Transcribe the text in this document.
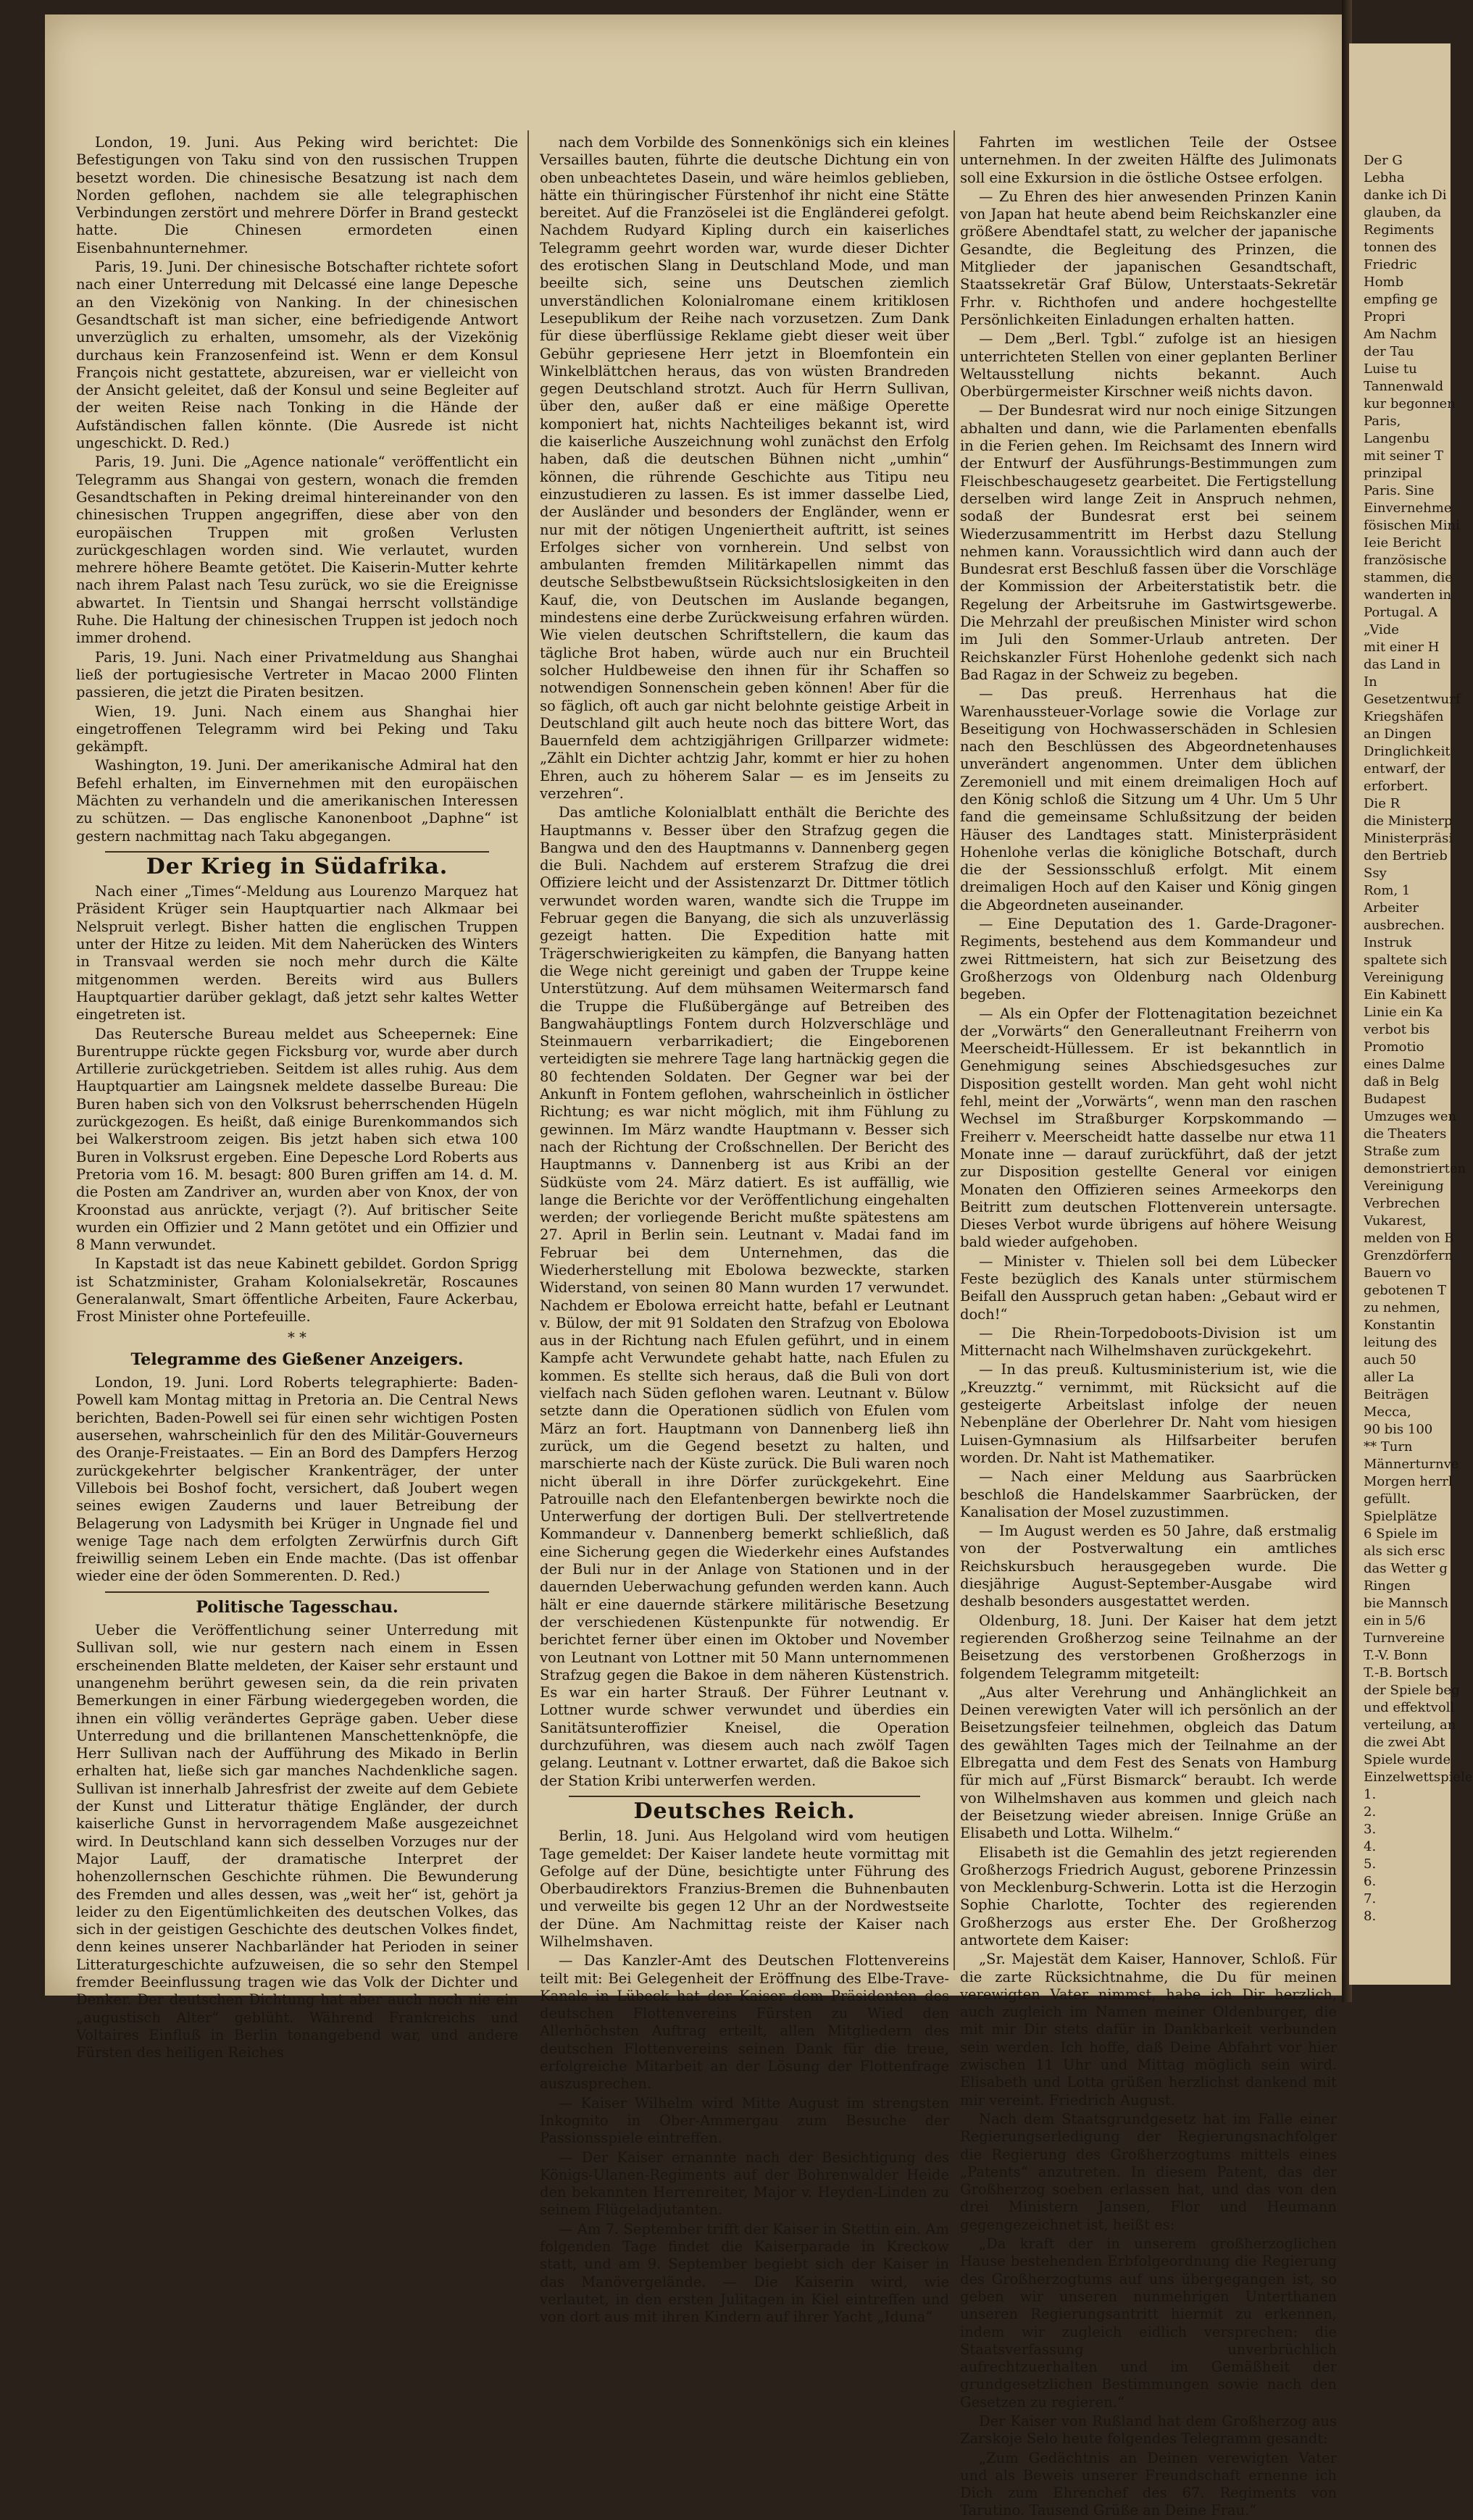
Der G

Lebha

danke ich Di

glauben, da

Regiments

tonnen des

Friedric

Homb

empfing ge

Propri

Am Nachm

der Tau

Luise tu

Tannenwald

kur begonnen

Paris,

Langenbu

mit seiner T

prinzipal

Paris. Sine

Einvernehme

fösischen Mini

Ieie Bericht

französische

stammen, die

wanderten in

Portugal. A

„Vide

mit einer H

das Land in

In

Gesetzentwurf

Kriegshäfen

an Dingen

Dringlichkeit

entwarf, der

erforbert.

Die R

die Ministerp

Ministerpräsi

den Bertrieb

Ssy

Rom, 1

Arbeiter

ausbrechen.

Instruk

spaltete sich

Vereinigung

Ein Kabinett

Linie ein Ka

verbot bis

Promotio

eines Dalme

daß in Belg

Budapest

Umzuges wen

die Theaters

Straße zum

demonstrierten

Vereinigung

Verbrechen

Vukarest,

melden von B

Grenzdörfern

Bauern vo

gebotenen T

zu nehmen,

Konstantin

leitung des

auch 50

aller La

Beiträgen

Mecca,

90 bis 100

** Turn

Männerturnve

Morgen herrl

gefüllt.

Spielplätze

6 Spiele im

als sich ersc

das Wetter g

Ringen

bie Mannsch

ein in 5/6

Turnvereine

T.-V. Bonn

T.-B. Bortsch

der Spiele beg

und effektvoll

verteilung, an

die zwei Abt

Spiele wurde

Einzelwettspiele

1.

2.

3.

4.

5.

6.

7.

8.

London, 19. Juni. Aus Peking wird berichtet: Die Befestigungen von Taku sind von den russischen Truppen besetzt worden. Die chinesische Besatzung ist nach dem Norden geflohen, nachdem sie alle telegraphischen Verbindungen zerstört und mehrere Dörfer in Brand gesteckt hatte. Die Chinesen ermordeten einen Eisenbahnunternehmer.

Paris, 19. Juni. Der chinesische Botschafter richtete sofort nach einer Unterredung mit Delcassé eine lange Depesche an den Vizekönig von Nanking. In der chinesischen Gesandtschaft ist man sicher, eine befriedigende Antwort unverzüglich zu erhalten, umsomehr, als der Vizekönig durchaus kein Franzosenfeind ist. Wenn er dem Konsul François nicht gestattete, abzureisen, war er vielleicht von der Ansicht geleitet, daß der Konsul und seine Begleiter auf der weiten Reise nach Tonking in die Hände der Aufständischen fallen könnte. (Die Ausrede ist nicht ungeschickt. D. Red.)

Paris, 19. Juni. Die „Agence nationale“ veröffentlicht ein Telegramm aus Shangai von gestern, wonach die fremden Gesandtschaften in Peking dreimal hintereinander von den chinesischen Truppen angegriffen, diese aber von den europäischen Truppen mit großen Verlusten zurückgeschlagen worden sind. Wie verlautet, wurden mehrere höhere Beamte getötet. Die Kaiserin-Mutter kehrte nach ihrem Palast nach Tesu zurück, wo sie die Ereignisse abwartet. In Tientsin und Shangai herrscht vollständige Ruhe. Die Haltung der chinesischen Truppen ist jedoch noch immer drohend.

Paris, 19. Juni. Nach einer Privatmeldung aus Shanghai ließ der portugiesische Vertreter in Macao 2000 Flinten passieren, die jetzt die Piraten besitzen.

Wien, 19. Juni. Nach einem aus Shanghai hier eingetroffenen Telegramm wird bei Peking und Taku gekämpft.

Washington, 19. Juni. Der amerikanische Admiral hat den Befehl erhalten, im Einvernehmen mit den europäischen Mächten zu verhandeln und die amerikanischen Interessen zu schützen. — Das englische Kanonenboot „Daphne“ ist gestern nachmittag nach Taku abgegangen.

Der Krieg in Südafrika.

Nach einer „Times“-Meldung aus Lourenzo Marquez hat Präsident Krüger sein Hauptquartier nach Alkmaar bei Nelspruit verlegt. Bisher hatten die englischen Truppen unter der Hitze zu leiden. Mit dem Naherücken des Winters in Transvaal werden sie noch mehr durch die Kälte mitgenommen werden. Bereits wird aus Bullers Hauptquartier darüber geklagt, daß jetzt sehr kaltes Wetter eingetreten ist.

Das Reutersche Bureau meldet aus Scheepernek: Eine Burentruppe rückte gegen Ficksburg vor, wurde aber durch Artillerie zurückgetrieben. Seitdem ist alles ruhig. Aus dem Hauptquartier am Laingsnek meldete dasselbe Bureau: Die Buren haben sich von den Volksrust beherrschenden Hügeln zurückgezogen. Es heißt, daß einige Burenkommandos sich bei Walkerstroom zeigen. Bis jetzt haben sich etwa 100 Buren in Volksrust ergeben. Eine Depesche Lord Roberts aus Pretoria vom 16. M. besagt: 800 Buren griffen am 14. d. M. die Posten am Zandriver an, wurden aber von Knox, der von Kroonstad aus anrückte, verjagt (?). Auf britischer Seite wurden ein Offizier und 2 Mann getötet und ein Offizier und 8 Mann verwundet.

In Kapstadt ist das neue Kabinett gebildet. Gordon Sprigg ist Schatzminister, Graham Kolonialsekretär, Roscaunes Generalanwalt, Smart öffentliche Arbeiten, Faure Ackerbau, Frost Minister ohne Portefeuille.

* *
Telegramme des Gießener Anzeigers.

London, 19. Juni. Lord Roberts telegraphierte: Baden-Powell kam Montag mittag in Pretoria an. Die Central News berichten, Baden-Powell sei für einen sehr wichtigen Posten ausersehen, wahrscheinlich für den des Militär-Gouverneurs des Oranje-Freistaates. — Ein an Bord des Dampfers Herzog zurückgekehrter belgischer Krankenträger, der unter Villebois bei Boshof focht, versichert, daß Joubert wegen seines ewigen Zauderns und lauer Betreibung der Belagerung von Ladysmith bei Krüger in Ungnade fiel und wenige Tage nach dem erfolgten Zerwürfnis durch Gift freiwillig seinem Leben ein Ende machte. (Das ist offenbar wieder eine der öden Sommerenten. D. Red.)

Politische Tagesschau.

Ueber die Veröffentlichung seiner Unterredung mit Sullivan soll, wie nur gestern nach einem in Essen erscheinenden Blatte meldeten, der Kaiser sehr erstaunt und unangenehm berührt gewesen sein, da die rein privaten Bemerkungen in einer Färbung wiedergegeben worden, die ihnen ein völlig verändertes Gepräge gaben. Ueber diese Unterredung und die brillantenen Manschettenknöpfe, die Herr Sullivan nach der Aufführung des Mikado in Berlin erhalten hat, ließe sich gar manches Nachdenkliche sagen. Sullivan ist innerhalb Jahresfrist der zweite auf dem Gebiete der Kunst und Litteratur thätige Engländer, der durch kaiserliche Gunst in hervorragendem Maße ausgezeichnet wird. In Deutschland kann sich desselben Vorzuges nur der Major Lauff, der dramatische Interpret der hohenzollernschen Geschichte rühmen. Die Bewunderung des Fremden und alles dessen, was „weit her“ ist, gehört ja leider zu den Eigentümlichkeiten des deutschen Volkes, das sich in der geistigen Geschichte des deutschen Volkes findet, denn keines unserer Nachbarländer hat Perioden in seiner Litteraturgeschichte aufzuweisen, die so sehr den Stempel fremder Beeinflussung tragen wie das Volk der Dichter und Denker. Der deutschen Dichtung hat aber auch noch nie ein „augustisch Alter“ geblüht. Während Frankreichs und Voltaires Einfluß in Berlin tonangebend war, und andere Fürsten des heiligen Reiches

nach dem Vorbilde des Sonnenkönigs sich ein kleines Versailles bauten, führte die deutsche Dichtung ein von oben unbeachtetes Dasein, und wäre heimlos geblieben, hätte ein thüringischer Fürstenhof ihr nicht eine Stätte bereitet. Auf die Französelei ist die Engländerei gefolgt. Nachdem Rudyard Kipling durch ein kaiserliches Telegramm geehrt worden war, wurde dieser Dichter des erotischen Slang in Deutschland Mode, und man beeilte sich, seine uns Deutschen ziemlich unverständlichen Kolonialromane einem kritiklosen Lesepublikum der Reihe nach vorzusetzen. Zum Dank für diese überflüssige Reklame giebt dieser weit über Gebühr gepriesene Herr jetzt in Bloemfontein ein Winkelblättchen heraus, das von wüsten Brandreden gegen Deutschland strotzt. Auch für Herrn Sullivan, über den, außer daß er eine mäßige Operette komponiert hat, nichts Nachteiliges bekannt ist, wird die kaiserliche Auszeichnung wohl zunächst den Erfolg haben, daß die deutschen Bühnen nicht „umhin“ können, die rührende Geschichte aus Titipu neu einzustudieren zu lassen. Es ist immer dasselbe Lied, der Ausländer und besonders der Engländer, wenn er nur mit der nötigen Ungeniertheit auftritt, ist seines Erfolges sicher von vornherein. Und selbst von ambulanten fremden Militärkapellen nimmt das deutsche Selbstbewußtsein Rücksichtslosigkeiten in den Kauf, die, von Deutschen im Auslande begangen, mindestens eine derbe Zurückweisung erfahren würden. Wie vielen deutschen Schriftstellern, die kaum das tägliche Brot haben, würde auch nur ein Bruchteil solcher Huldbeweise den ihnen für ihr Schaffen so notwendigen Sonnenschein geben können! Aber für die so fäglich, oft auch gar nicht belohnte geistige Arbeit in Deutschland gilt auch heute noch das bittere Wort, das Bauernfeld dem achtzigjährigen Grillparzer widmete: „Zählt ein Dichter achtzig Jahr, kommt er hier zu hohen Ehren, auch zu höherem Salar — es im Jenseits zu verzehren“.

Das amtliche Kolonialblatt enthält die Berichte des Hauptmanns v. Besser über den Strafzug gegen die Bangwa und den des Hauptmanns v. Dannenberg gegen die Buli. Nachdem auf ersterem Strafzug die drei Offiziere leicht und der Assistenzarzt Dr. Dittmer tötlich verwundet worden waren, wandte sich die Truppe im Februar gegen die Banyang, die sich als unzuverlässig gezeigt hatten. Die Expedition hatte mit Trägerschwierigkeiten zu kämpfen, die Banyang hatten die Wege nicht gereinigt und gaben der Truppe keine Unterstützung. Auf dem mühsamen Weitermarsch fand die Truppe die Flußübergänge auf Betreiben des Bangwahäuptlings Fontem durch Holzverschläge und Steinmauern verbarrikadiert; die Eingeborenen verteidigten sie mehrere Tage lang hartnäckig gegen die 80 fechtenden Soldaten. Der Gegner war bei der Ankunft in Fontem geflohen, wahrscheinlich in östlicher Richtung; es war nicht möglich, mit ihm Fühlung zu gewinnen. Im März wandte Hauptmann v. Besser sich nach der Richtung der Croßschnellen. Der Bericht des Hauptmanns v. Dannenberg ist aus Kribi an der Südküste vom 24. März datiert. Es ist auffällig, wie lange die Berichte vor der Veröffentlichung eingehalten werden; der vorliegende Bericht mußte spätestens am 27. April in Berlin sein. Leutnant v. Madai fand im Februar bei dem Unternehmen, das die Wiederherstellung mit Ebolowa bezweckte, starken Widerstand, von seinen 80 Mann wurden 17 verwundet. Nachdem er Ebolowa erreicht hatte, befahl er Leutnant v. Bülow, der mit 91 Soldaten den Strafzug von Ebolowa aus in der Richtung nach Efulen geführt, und in einem Kampfe acht Verwundete gehabt hatte, nach Efulen zu kommen. Es stellte sich heraus, daß die Buli von dort vielfach nach Süden geflohen waren. Leutnant v. Bülow setzte dann die Operationen südlich von Efulen vom März an fort. Hauptmann von Dannenberg ließ ihn zurück, um die Gegend besetzt zu halten, und marschierte nach der Küste zurück. Die Buli waren noch nicht überall in ihre Dörfer zurückgekehrt. Eine Patrouille nach den Elefantenbergen bewirkte noch die Unterwerfung der dortigen Buli. Der stellvertretende Kommandeur v. Dannenberg bemerkt schließlich, daß eine Sicherung gegen die Wiederkehr eines Aufstandes der Buli nur in der Anlage von Stationen und in der dauernden Ueberwachung gefunden werden kann. Auch hält er eine dauernde stärkere militärische Besetzung der verschiedenen Küstenpunkte für notwendig. Er berichtet ferner über einen im Oktober und November von Leutnant von Lottner mit 50 Mann unternommenen Strafzug gegen die Bakoe in dem näheren Küstenstrich. Es war ein harter Strauß. Der Führer Leutnant v. Lottner wurde schwer verwundet und überdies ein Sanitätsunteroffizier Kneisel, die Operation durchzuführen, was diesem auch nach zwölf Tagen gelang. Leutnant v. Lottner erwartet, daß die Bakoe sich der Station Kribi unterwerfen werden.

Deutsches Reich.

Berlin, 18. Juni. Aus Helgoland wird vom heutigen Tage gemeldet: Der Kaiser landete heute vormittag mit Gefolge auf der Düne, besichtigte unter Führung des Oberbaudirektors Franzius-Bremen die Buhnenbauten und verweilte bis gegen 12 Uhr an der Nordwestseite der Düne. Am Nachmittag reiste der Kaiser nach Wilhelmshaven.

— Das Kanzler-Amt des Deutschen Flottenvereins teilt mit: Bei Gelegenheit der Eröffnung des Elbe-Trave-Kanals in Lübeck hat der Kaiser dem Präsidenten des deutschen Flottenvereins Fürsten zu Wied den Allerhöchsten Auftrag erteilt, allen Mitgliedern des deutschen Flottenvereins seinen Dank für die treue, erfolgreiche Mitarbeit an der Lösung der Flottenfrage auszusprechen.

— Kaiser Wilhelm wird Mitte August im strengsten Inkognito in Ober-Ammergau zum Besuche der Passionsspiele eintreffen.

— Der Kaiser ernannte nach der Besichtigung des Königs-Ulanen-Regiments auf der Bohrenwalder Heide den bekannten Herrenreiter, Major v. Heyden-Linden zu seinem Flügeladjutanten.

— Am 7. September trifft der Kaiser in Stettin ein. Am folgenden Tage findet die Kaiserparade in Kreckow statt, und am 9. September begiebt sich der Kaiser in das Manövergelände. — Die Kaiserin wird, wie verlautet, in den ersten Julitagen in Kiel eintreffen und von dort aus mit ihren Kindern auf ihrer Yacht „Iduna“

Fahrten im westlichen Teile der Ostsee unternehmen. In der zweiten Hälfte des Julimonats soll eine Exkursion in die östliche Ostsee erfolgen.

— Zu Ehren des hier anwesenden Prinzen Kanin von Japan hat heute abend beim Reichskanzler eine größere Abendtafel statt, zu welcher der japanische Gesandte, die Begleitung des Prinzen, die Mitglieder der japanischen Gesandtschaft, Staatssekretär Graf Bülow, Unterstaats-Sekretär Frhr. v. Richthofen und andere hochgestellte Persönlichkeiten Einladungen erhalten hatten.

— Dem „Berl. Tgbl.“ zufolge ist an hiesigen unterrichteten Stellen von einer geplanten Berliner Weltausstellung nichts bekannt. Auch Oberbürgermeister Kirschner weiß nichts davon.

— Der Bundesrat wird nur noch einige Sitzungen abhalten und dann, wie die Parlamenten ebenfalls in die Ferien gehen. Im Reichsamt des Innern wird der Entwurf der Ausführungs-Bestimmungen zum Fleischbeschaugesetz gearbeitet. Die Fertigstellung derselben wird lange Zeit in Anspruch nehmen, sodaß der Bundesrat erst bei seinem Wiederzusammentritt im Herbst dazu Stellung nehmen kann. Voraussichtlich wird dann auch der Bundesrat erst Beschluß fassen über die Vorschläge der Kommission der Arbeiterstatistik betr. die Regelung der Arbeitsruhe im Gastwirtsgewerbe. Die Mehrzahl der preußischen Minister wird schon im Juli den Sommer-Urlaub antreten. Der Reichskanzler Fürst Hohenlohe gedenkt sich nach Bad Ragaz in der Schweiz zu begeben.

— Das preuß. Herrenhaus hat die Warenhaussteuer-Vorlage sowie die Vorlage zur Beseitigung von Hochwasserschäden in Schlesien nach den Beschlüssen des Abgeordnetenhauses unverändert angenommen. Unter dem üblichen Zeremoniell und mit einem dreimaligen Hoch auf den König schloß die Sitzung um 4 Uhr. Um 5 Uhr fand die gemeinsame Schlußsitzung der beiden Häuser des Landtages statt. Ministerpräsident Hohenlohe verlas die königliche Botschaft, durch die der Sessionsschluß erfolgt. Mit einem dreimaligen Hoch auf den Kaiser und König gingen die Abgeordneten auseinander.

— Eine Deputation des 1. Garde-Dragoner-Regiments, bestehend aus dem Kommandeur und zwei Rittmeistern, hat sich zur Beisetzung des Großherzogs von Oldenburg nach Oldenburg begeben.

— Als ein Opfer der Flottenagitation bezeichnet der „Vorwärts“ den Generalleutnant Freiherrn von Meerscheidt-Hüllessem. Er ist bekanntlich in Genehmigung seines Abschiedsgesuches zur Disposition gestellt worden. Man geht wohl nicht fehl, meint der „Vorwärts“, wenn man den raschen Wechsel im Straßburger Korpskommando — Freiherr v. Meerscheidt hatte dasselbe nur etwa 11 Monate inne — darauf zurückführt, daß der jetzt zur Disposition gestellte General vor einigen Monaten den Offizieren seines Armeekorps den Beitritt zum deutschen Flottenverein untersagte. Dieses Verbot wurde übrigens auf höhere Weisung bald wieder aufgehoben.

— Minister v. Thielen soll bei dem Lübecker Feste bezüglich des Kanals unter stürmischem Beifall den Ausspruch getan haben: „Gebaut wird er doch!“

— Die Rhein-Torpedoboots-Division ist um Mitternacht nach Wilhelmshaven zurückgekehrt.

— In das preuß. Kultusministerium ist, wie die „Kreuzztg.“ vernimmt, mit Rücksicht auf die gesteigerte Arbeitslast infolge der neuen Nebenpläne der Oberlehrer Dr. Naht vom hiesigen Luisen-Gymnasium als Hilfsarbeiter berufen worden. Dr. Naht ist Mathematiker.

— Nach einer Meldung aus Saarbrücken beschloß die Handelskammer Saarbrücken, der Kanalisation der Mosel zuzustimmen.

— Im August werden es 50 Jahre, daß erstmalig von der Postverwaltung ein amtliches Reichskursbuch herausgegeben wurde. Die diesjährige August-September-Ausgabe wird deshalb besonders ausgestattet werden.

Oldenburg, 18. Juni. Der Kaiser hat dem jetzt regierenden Großherzog seine Teilnahme an der Beisetzung des verstorbenen Großherzogs in folgendem Telegramm mitgeteilt:

„Aus alter Verehrung und Anhänglichkeit an Deinen verewigten Vater will ich persönlich an der Beisetzungsfeier teilnehmen, obgleich das Datum des gewählten Tages mich der Teilnahme an der Elbregatta und dem Fest des Senats von Hamburg für mich auf „Fürst Bismarck“ beraubt. Ich werde von Wilhelmshaven aus kommen und gleich nach der Beisetzung wieder abreisen. Innige Grüße an Elisabeth und Lotta. Wilhelm.“

Elisabeth ist die Gemahlin des jetzt regierenden Großherzogs Friedrich August, geborene Prinzessin von Mecklenburg-Schwerin. Lotta ist die Herzogin Sophie Charlotte, Tochter des regierenden Großherzogs aus erster Ehe. Der Großherzog antwortete dem Kaiser:

„Sr. Majestät dem Kaiser, Hannover, Schloß. Für die zarte Rücksichtnahme, die Du für meinen verewigten Vater nimmst, habe ich Dir herzlich, auch zugleich im Namen meiner Oldenburger, die mit mir Dir stets dafür in Dankbarkeit verbunden sein werden. Ich hoffe, daß Deine Abfahrt vor hier zwischen 11 Uhr und Mittag möglich sein wird. Elisabeth und Lotta grüßen herzlichst dankend mit mir vereint. Friedrich August.

Nach dem Staatsgrundgesetz hat im Falle einer Regierungserledigung der Regierungsnachfolger die Regierung des Großherzogtums mittels eines „Patents“ anzutreten. In diesem Patent, das der Großherzog soeben erlassen hat, und das von den drei Ministern Jansen, Flor und Heumann gegengezeichnet ist, heißt es:

„Da kraft der in unserem großherzoglichen Hause bestehenden Erbfolgeordnung die Regierung des Großherzogtums auf uns übergegangen ist, so geben wir unseren nunmehrigen Unterthanen unseren Regierungsantritt hiermit zu erkennen, indem wir zugleich eidlich versprechen: die Staatsverfassung unverbrüchlich aufrechtzuerhalten und im Gemäßheit der grundgesetzlichen Bestimmungen sowie nach den Gesetzen zu regieren.“

Der Kaiser von Rußland hat dem Großherzog aus Zarskoje Selo heute folgendes Telegramm gesandt:

„Zum Gedächtnis an Deinen verewigten Vater und als Beweis unserer Freundschaft ernenne ich Dich zum Ehrenchef des 67. Regiments von Tarutino. Tausend Grüße an Deine Frau.“
